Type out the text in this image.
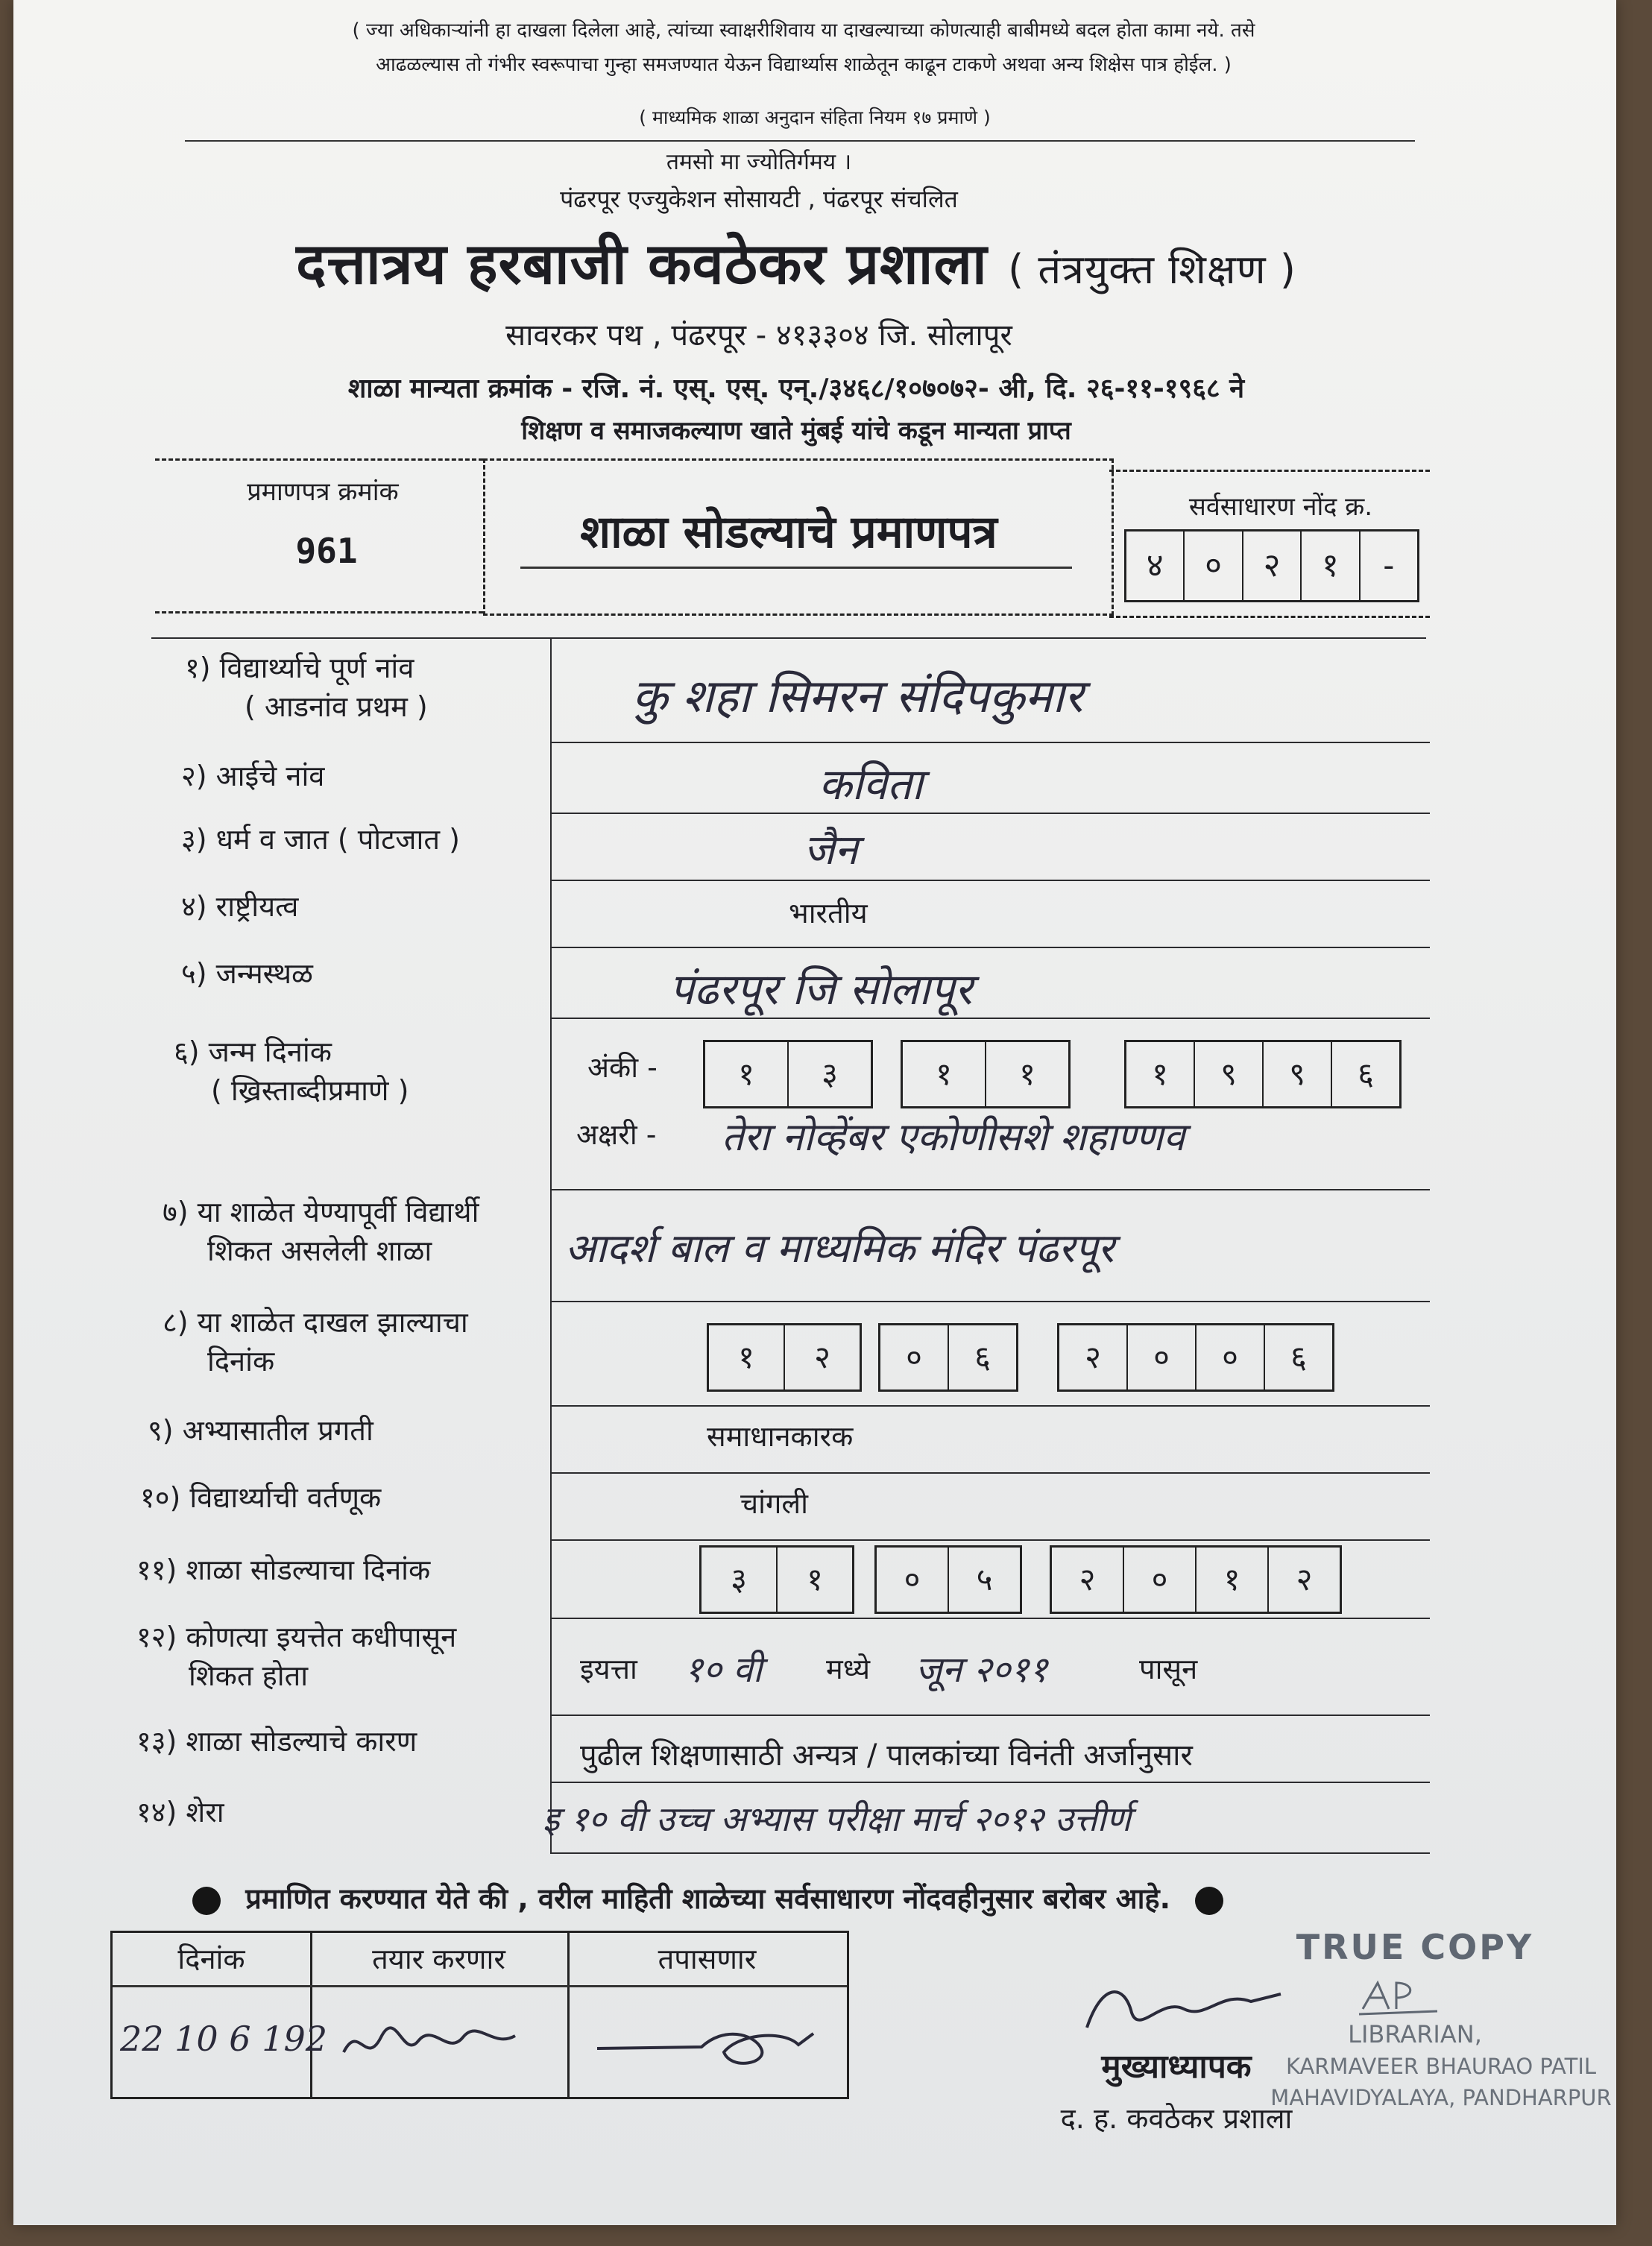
( ज्या अधिकाऱ्यांनी हा दाखला दिलेला आहे, त्यांच्या स्वाक्षरीशिवाय या दाखल्याच्या कोणत्याही बाबीमध्ये बदल होता कामा नये. तसे
आढळल्यास तो गंभीर स्वरूपाचा गुन्हा समजण्यात येऊन विद्यार्थ्यास शाळेतून काढून टाकणे अथवा अन्य शिक्षेस पात्र होईल. )
( माध्यमिक शाळा अनुदान संहिता नियम १७ प्रमाणे )
तमसो मा ज्योतिर्गमय ।
पंढरपूर एज्युकेशन सोसायटी , पंढरपूर संचलित
दत्तात्रय हरबाजी कवठेकर प्रशाला ( तंत्रयुक्त शिक्षण )
सावरकर पथ , पंढरपूर - ४१३३०४ जि. सोलापूर
शाळा मान्यता क्रमांक - रजि. नं. एस्. एस्. एन्./३४६८/१०७०७२- अी, दि. २६-११-१९६८ ने
शिक्षण व समाजकल्याण खाते मुंबई यांचे कडून मान्यता प्राप्त
प्रमाणपत्र क्रमांक
961	शाळा सोडल्याचे प्रमाणपत्र	सर्वसाधारण नोंद क्र.
४	०	२	१	-
१) विद्यार्थ्याचे पूर्ण नांव
( आडनांव प्रथम )	कु शहा सिमरन संदिपकुमार
२) आईचे नांव	कविता
३) धर्म व जात ( पोटजात )	जैन
४) राष्ट्रीयत्व	भारतीय
५) जन्मस्थळ	पंढरपूर जि सोलापूर
६) जन्म दिनांक
( ख्रिस्ताब्दीप्रमाणे )
अंकी -	१	३	१	१	१	९	९	६
अक्षरी - तेरा नोव्हेंबर एकोणीसशे शहाण्णव
७) या शाळेत येण्यापूर्वी विद्यार्थी
शिकत असलेली शाळा	आदर्श बाल व माध्यमिक मंदिर पंढरपूर
८) या शाळेत दाखल झाल्याचा
दिनांक	१	२	०	६	२	०	०	६
९) अभ्यासातील प्रगती	समाधानकारक
१०) विद्यार्थ्याची वर्तणूक	चांगली
११) शाळा सोडल्याचा दिनांक	३	१	०	५	२	०	१	२
१२) कोणत्या इयत्तेत कधीपासून
शिकत होता	इयत्ता १० वी मध्ये जून २०११	पासून
१३) शाळा सोडल्याचे कारण	पुढील शिक्षणासाठी अन्यत्र / पालकांच्या विनंती अर्जानुसार
१४) शेरा	इ १० वी उच्च अभ्यास परीक्षा मार्च २०१२ उत्तीर्ण
प्रमाणित करण्यात येते की , वरील माहिती शाळेच्या सर्वसाधारण नोंदवहीनुसार बरोबर आहे.
दिनांक	तयार करणार	तपासणार
22 10 6 192
मुख्याध्यापक
द. ह. कवठेकर प्रशाला
TRUE COPY
LIBRARIAN,
KARMAVEER BHAURAO PATIL
MAHAVIDYALAYA, PANDHARPUR
